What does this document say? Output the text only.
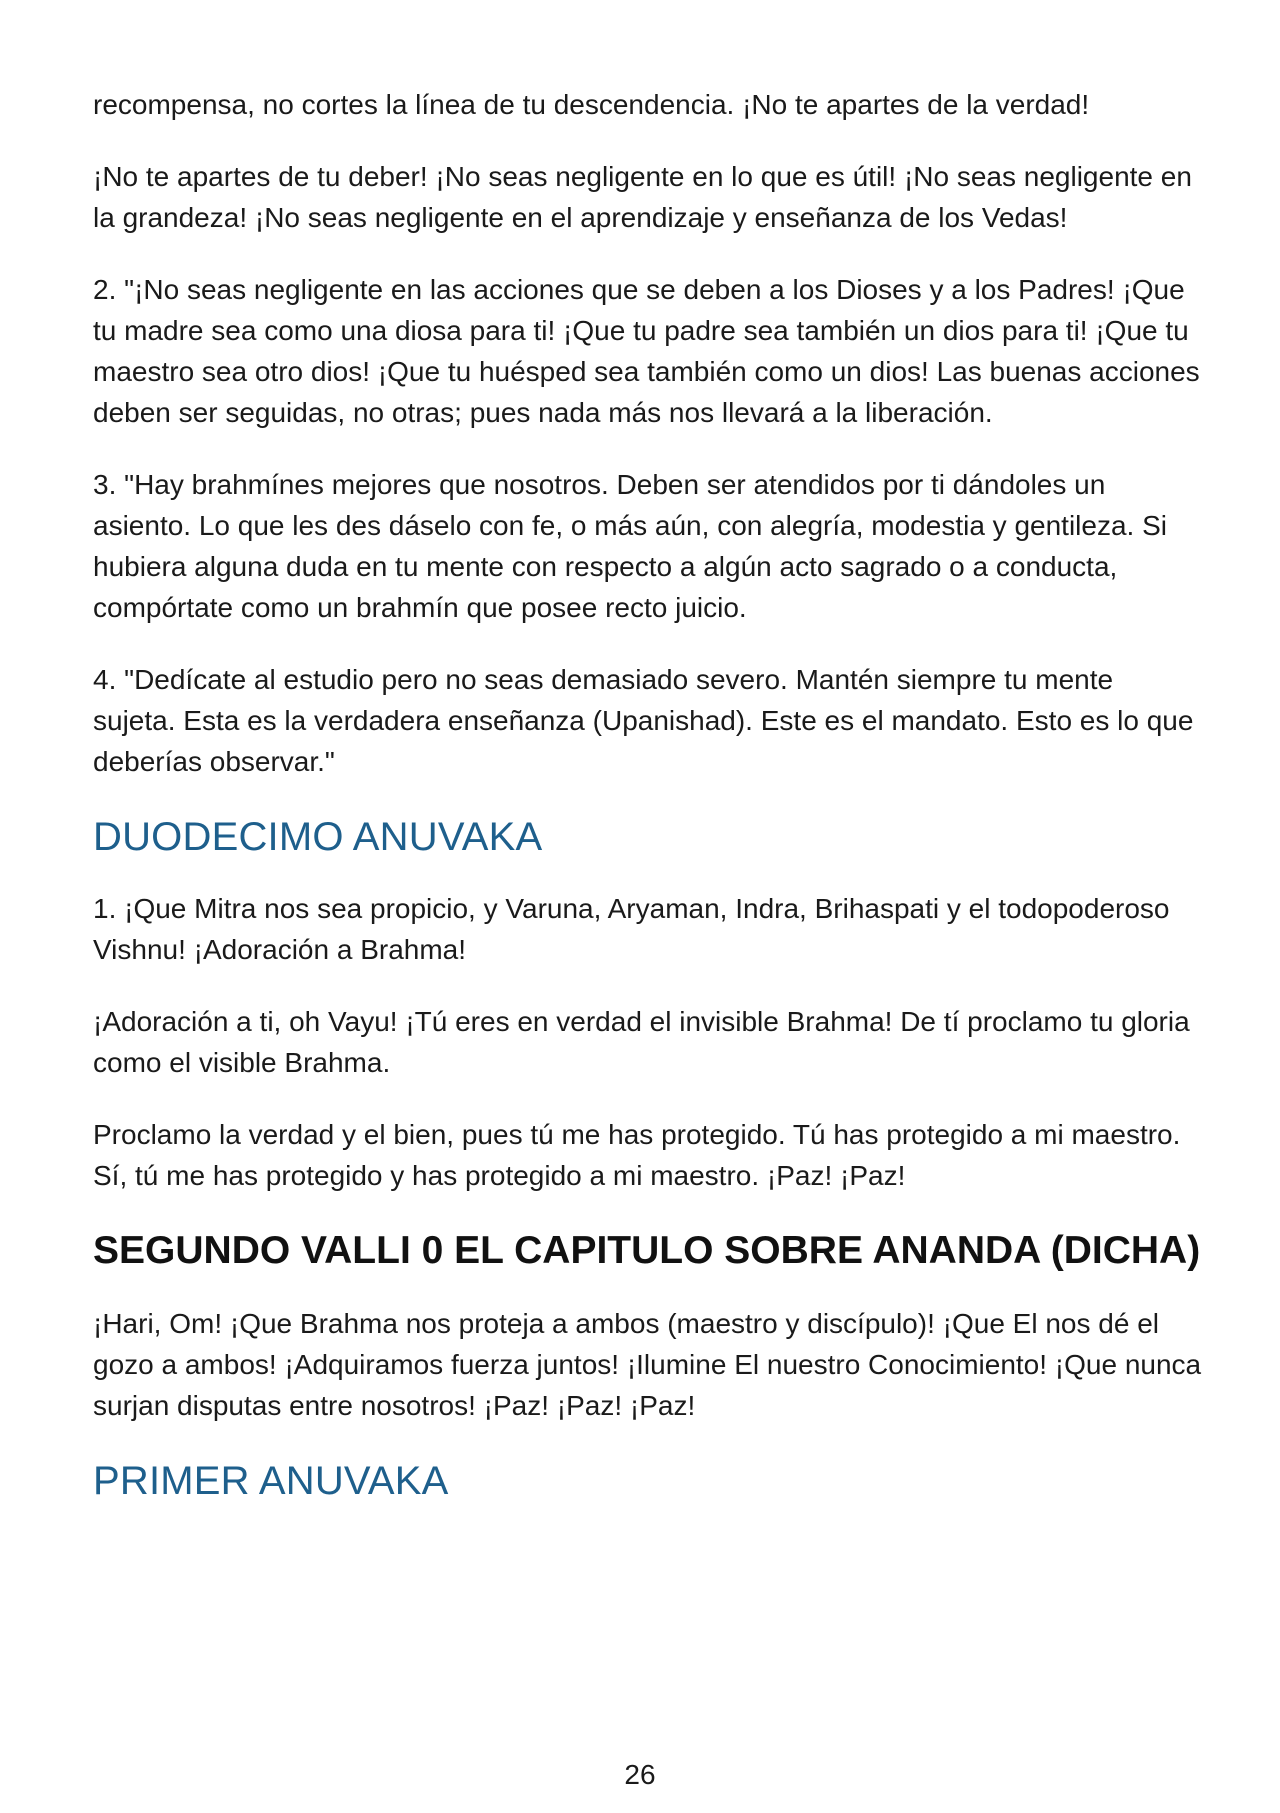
recompensa, no cortes la línea de tu descendencia. ¡No te apartes de la verdad!

¡No te apartes de tu deber! ¡No seas negligente en lo que es útil! ¡No seas negligente en la grandeza! ¡No seas negligente en el aprendizaje y enseñanza de los Vedas!

2. "¡No seas negligente en las acciones que se deben a los Dioses y a los Padres! ¡Que tu madre sea como una diosa para ti! ¡Que tu padre sea también un dios para ti! ¡Que tu maestro sea otro dios! ¡Que tu huésped sea también como un dios! Las buenas acciones deben ser seguidas, no otras; pues nada más nos llevará a la liberación.

3. "Hay brahmínes mejores que nosotros. Deben ser atendidos por ti dándoles un asiento. Lo que les des dáselo con fe, o más aún, con alegría, modestia y gentileza. Si hubiera alguna duda en tu mente con respecto a algún acto sagrado o a conducta, compórtate como un brahmín que posee recto juicio.

4. "Dedícate al estudio pero no seas demasiado severo. Mantén siempre tu mente sujeta. Esta es la verdadera enseñanza (Upanishad). Este es el mandato. Esto es lo que deberías observar."

DUODECIMO ANUVAKA

1. ¡Que Mitra nos sea propicio, y Varuna, Aryaman, Indra, Brihaspati y el todopoderoso Vishnu! ¡Adoración a Brahma!

¡Adoración a ti, oh Vayu! ¡Tú eres en verdad el invisible Brahma! De tí proclamo tu gloria como el visible Brahma.

Proclamo la verdad y el bien, pues tú me has protegido. Tú has protegido a mi maestro. Sí, tú me has protegido y has protegido a mi maestro. ¡Paz! ¡Paz!

SEGUNDO VALLI 0 EL CAPITULO SOBRE ANANDA (DICHA)

¡Hari, Om! ¡Que Brahma nos proteja a ambos (maestro y discípulo)! ¡Que El nos dé el gozo a ambos! ¡Adquiramos fuerza juntos! ¡Ilumine El nuestro Conocimiento! ¡Que nunca surjan disputas entre nosotros! ¡Paz! ¡Paz! ¡Paz!

PRIMER ANUVAKA
26
